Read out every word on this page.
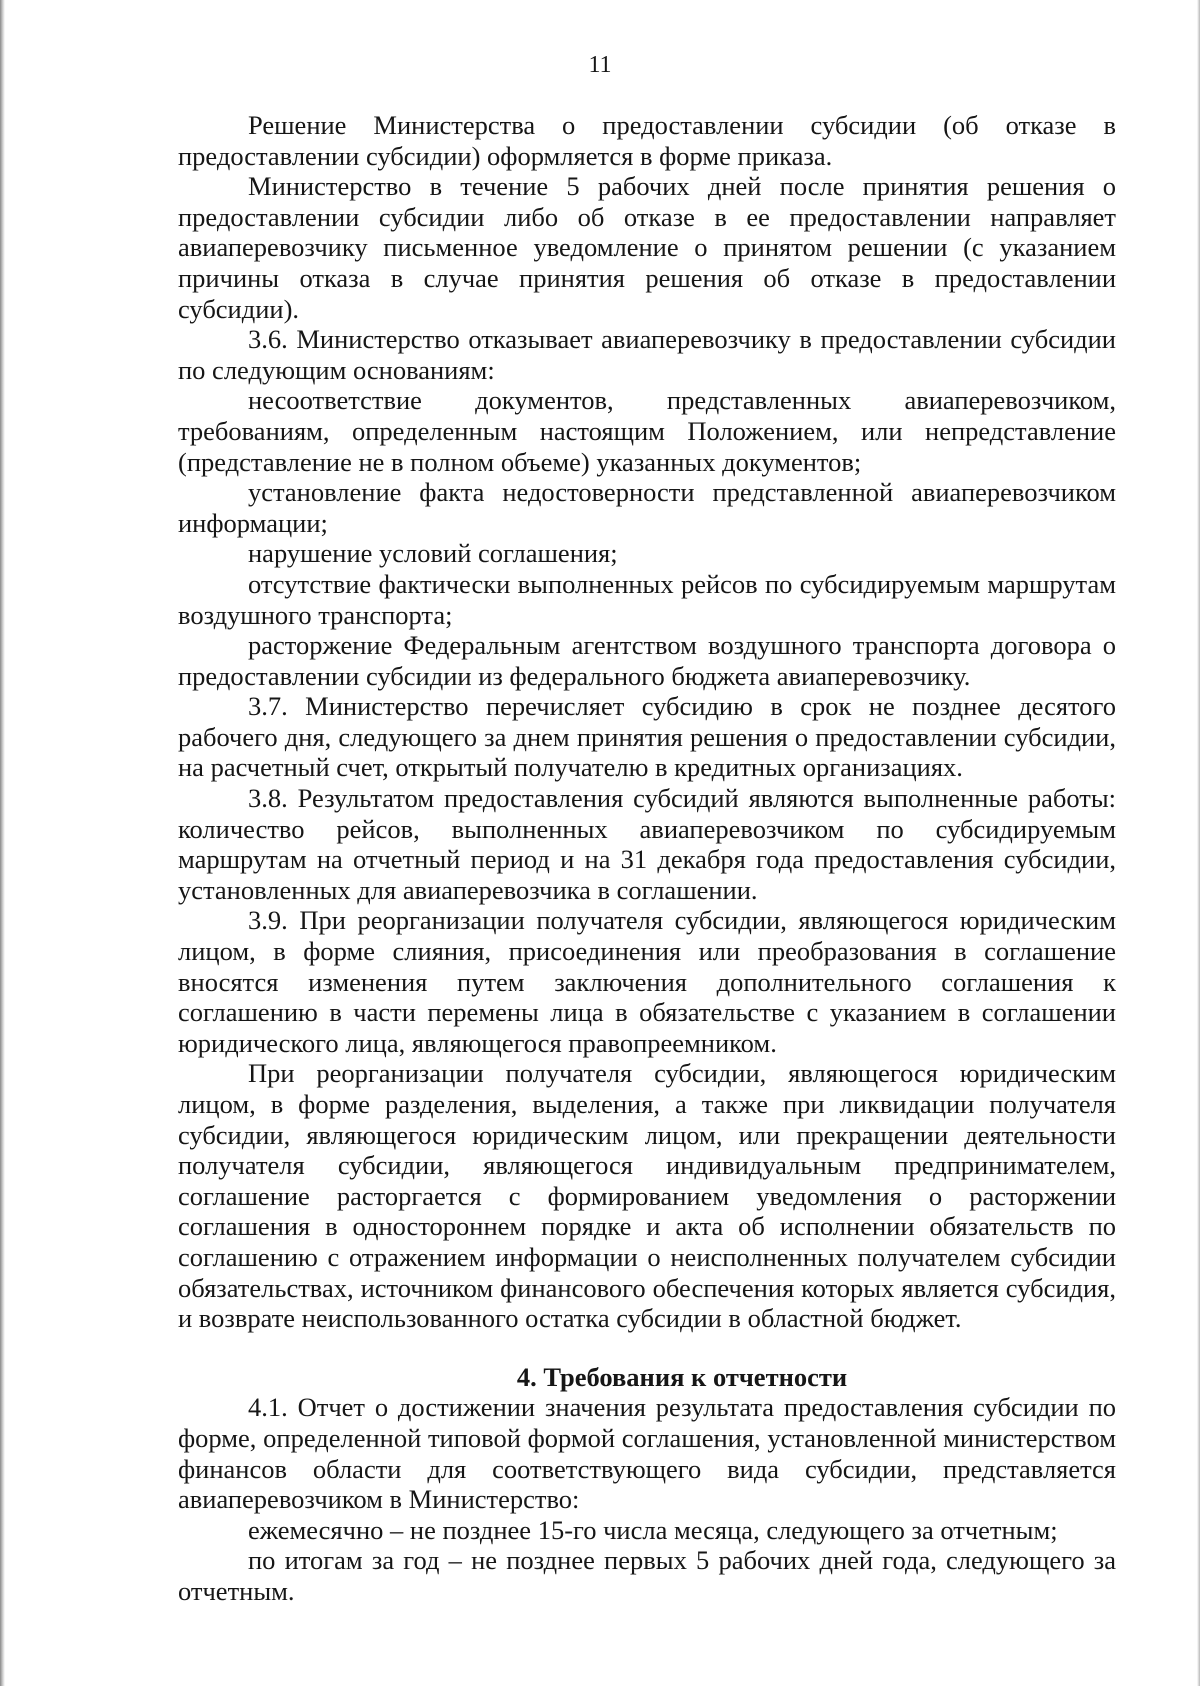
11

Решение Министерства о предоставлении субсидии (об отказе в предоставлении субсидии) оформляется в форме приказа.

Министерство в течение 5 рабочих дней после принятия решения о предоставлении субсидии либо об отказе в ее предоставлении направляет авиаперевозчику письменное уведомление о принятом решении (с указанием причины отказа в случае принятия решения об отказе в предоставлении субсидии).

3.6. Министерство отказывает авиаперевозчику в предоставлении субсидии по следующим основаниям:

несоответствие документов, представленных авиаперевозчиком, требованиям, определенным настоящим Положением, или непредставление (представление не в полном объеме) указанных документов;

установление факта недостоверности представленной авиаперевозчиком информации;

нарушение условий соглашения;

отсутствие фактически выполненных рейсов по субсидируемым маршрутам воздушного транспорта;

расторжение Федеральным агентством воздушного транспорта договора о предоставлении субсидии из федерального бюджета авиаперевозчику.

3.7. Министерство перечисляет субсидию в срок не позднее десятого рабочего дня, следующего за днем принятия решения о предоставлении субсидии, на расчетный счет, открытый получателю в кредитных организациях.

3.8. Результатом предоставления субсидий являются выполненные работы: количество рейсов, выполненных авиаперевозчиком по субсидируемым маршрутам на отчетный период и на 31 декабря года предоставления субсидии, установленных для авиаперевозчика в соглашении.

3.9. При реорганизации получателя субсидии, являющегося юридическим лицом, в форме слияния, присоединения или преобразования в соглашение вносятся изменения путем заключения дополнительного соглашения к соглашению в части перемены лица в обязательстве с указанием в соглашении юридического лица, являющегося правопреемником.

При реорганизации получателя субсидии, являющегося юридическим лицом, в форме разделения, выделения, а также при ликвидации получателя субсидии, являющегося юридическим лицом, или прекращении деятельности получателя субсидии, являющегося индивидуальным предпринимателем, соглашение расторгается с формированием уведомления о расторжении соглашения в одностороннем порядке и акта об исполнении обязательств по соглашению с отражением информации о неисполненных получателем субсидии обязательствах, источником финансового обеспечения которых является субсидия, и возврате неиспользованного остатка субсидии в областной бюджет.

4. Требования к отчетности

4.1. Отчет о достижении значения результата предоставления субсидии по форме, определенной типовой формой соглашения, установленной министерством финансов области для соответствующего вида субсидии, представляется авиаперевозчиком в Министерство:

ежемесячно – не позднее 15-го числа месяца, следующего за отчетным;

по итогам за год – не позднее первых 5 рабочих дней года, следующего за отчетным.
